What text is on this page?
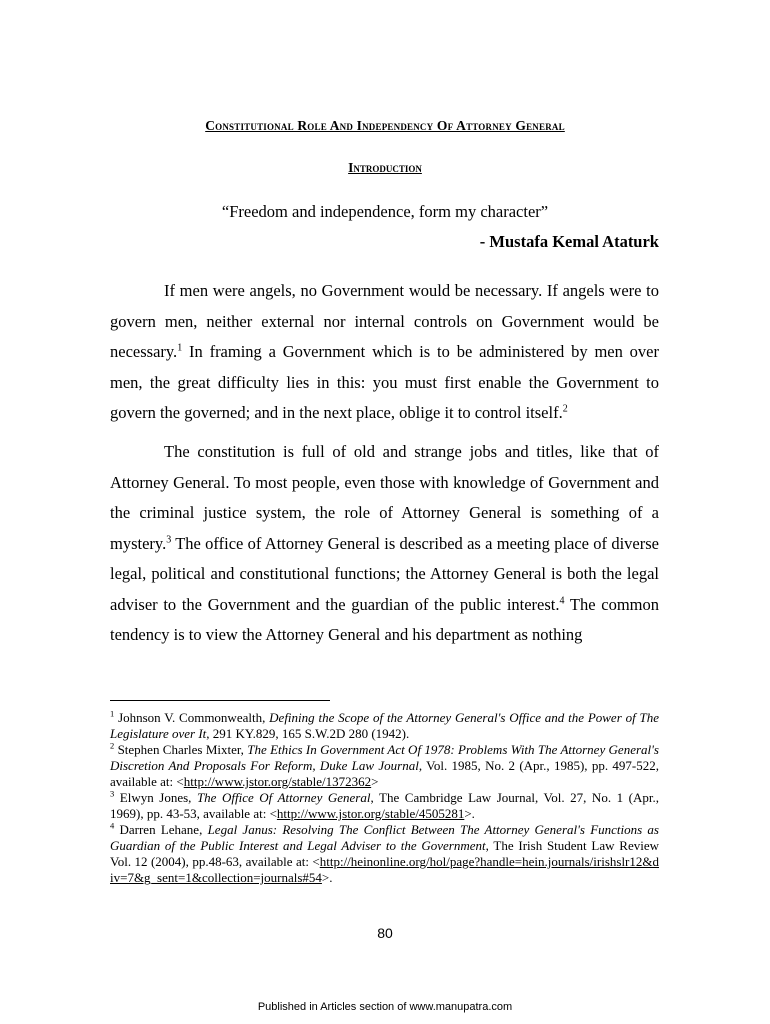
Constitutional Role And Independency Of Attorney General
Introduction
“Freedom and independence, form my character”
- Mustafa Kemal Ataturk

If men were angels, no Government would be necessary. If angels were to govern men, neither external nor internal controls on Government would be necessary.$^1$ In framing a Government which is to be administered by men over men, the great difficulty lies in this: you must first enable the Government to govern the governed; and in the next place, oblige it to control itself.$^2$

The constitution is full of old and strange jobs and titles, like that of Attorney General. To most people, even those with knowledge of Government and the criminal justice system, the role of Attorney General is something of a mystery.$^3$ The office of Attorney General is described as a meeting place of diverse legal, political and constitutional functions; the Attorney General is both the legal adviser to the Government and the guardian of the public interest.$^4$ The common tendency is to view the Attorney General and his department as nothing

$^1$ Johnson V. Commonwealth, Defining the Scope of the Attorney General's Office and the Power of The Legislature over It, 291 KY.829, 165 S.W.2D 280 (1942).

$^2$ Stephen Charles Mixter, The Ethics In Government Act Of 1978: Problems With The Attorney General's Discretion And Proposals For Reform, Duke Law Journal, Vol. 1985, No. 2 (Apr., 1985), pp. 497-522, available at: <http://www.jstor.org/stable/1372362>

$^3$ Elwyn Jones, The Office Of Attorney General, The Cambridge Law Journal, Vol. 27, No. 1 (Apr., 1969), pp. 43-53, available at: <http://www.jstor.org/stable/4505281>.

$^4$ Darren Lehane, Legal Janus: Resolving The Conflict Between The Attorney General's Functions as Guardian of the Public Interest and Legal Adviser to the Government, The Irish Student Law Review Vol. 12 (2004), pp.48-63, available at: <http://heinonline.org/hol/page?handle=hein.journals/irishslr12&div=7&g_sent=1&collection=journals#54>.

80
Published in Articles section of www.manupatra.com
